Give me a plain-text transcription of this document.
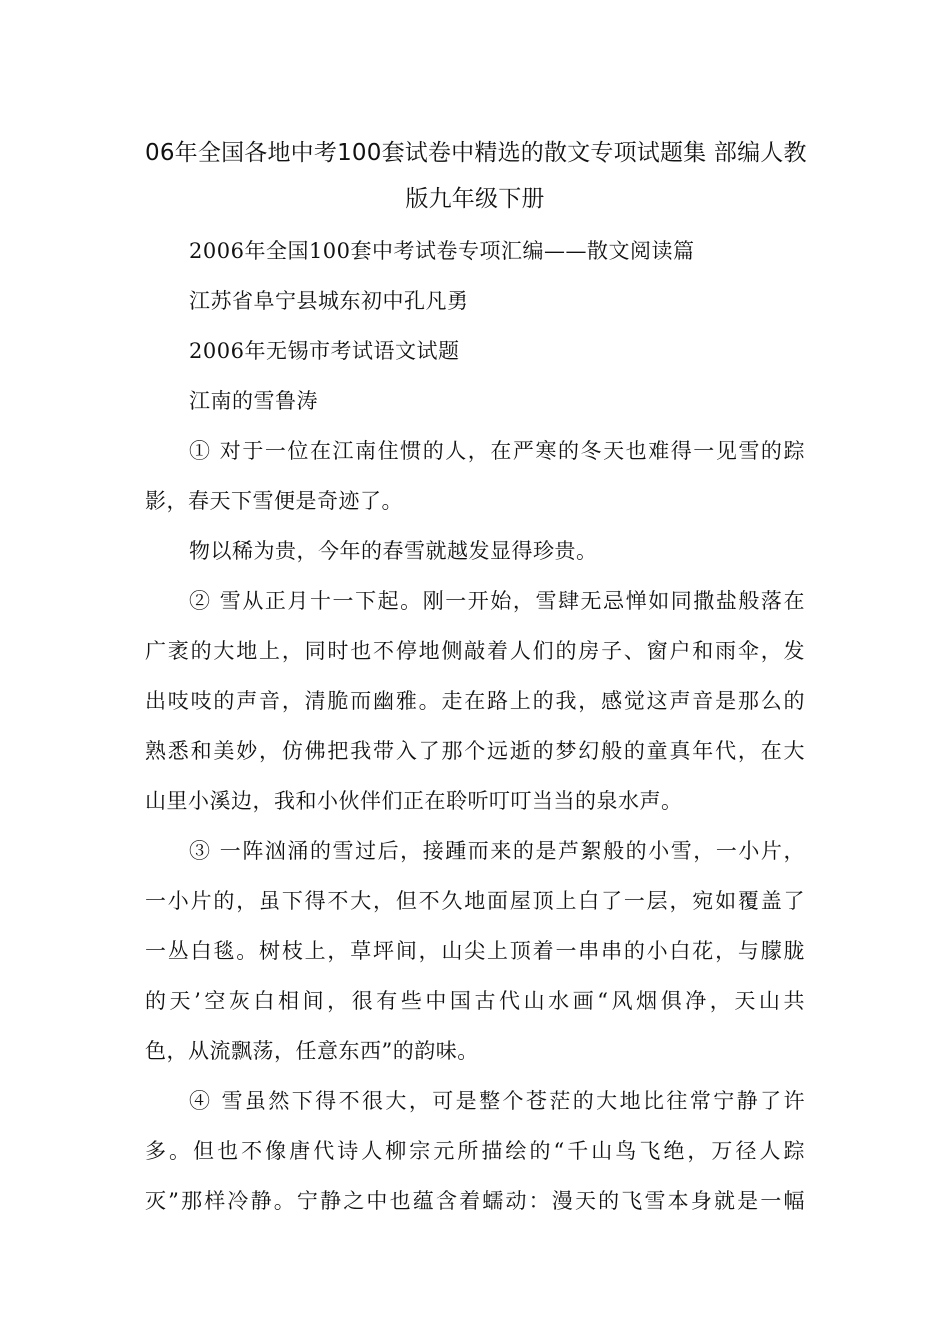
06年全国各地中考100套试卷中精选的散文专项试题集 部编人教
版九年级下册

2006年全国100套中考试卷专项汇编——散文阅读篇

江苏省阜宁县城东初中孔凡勇

2006年无锡市考试语文试题

江南的雪鲁涛

① 对于一位在江南住惯的人，在严寒的冬天也难得一见雪的踪
影，春天下雪便是奇迹了。

物以稀为贵，今年的春雪就越发显得珍贵。

② 雪从正月十一下起。刚一开始，雪肆无忌惮如同撒盐般落在
广袤的大地上，同时也不停地侧敲着人们的房子、窗户和雨伞，发
出吱吱的声音，清脆而幽雅。走在路上的我，感觉这声音是那么的
熟悉和美妙，仿佛把我带入了那个远逝的梦幻般的童真年代，在大
山里小溪边，我和小伙伴们正在聆听叮叮当当的泉水声。

③ 一阵汹涌的雪过后，接踵而来的是芦絮般的小雪，一小片，
一小片的，虽下得不大，但不久地面屋顶上白了一层，宛如覆盖了
一丛白毯。树枝上，草坪间，山尖上顶着一串串的小白花，与朦胧
的天’空灰白相间，很有些中国古代山水画“风烟俱净，天山共
色，从流飘荡，任意东西”的韵味。

④ 雪虽然下得不很大，可是整个苍茫的大地比往常宁静了许
多。但也不像唐代诗人柳宗元所描绘的“千山鸟飞绝，万径人踪
灭”那样冷静。宁静之中也蕴含着蠕动：漫天的飞雪本身就是一幅
